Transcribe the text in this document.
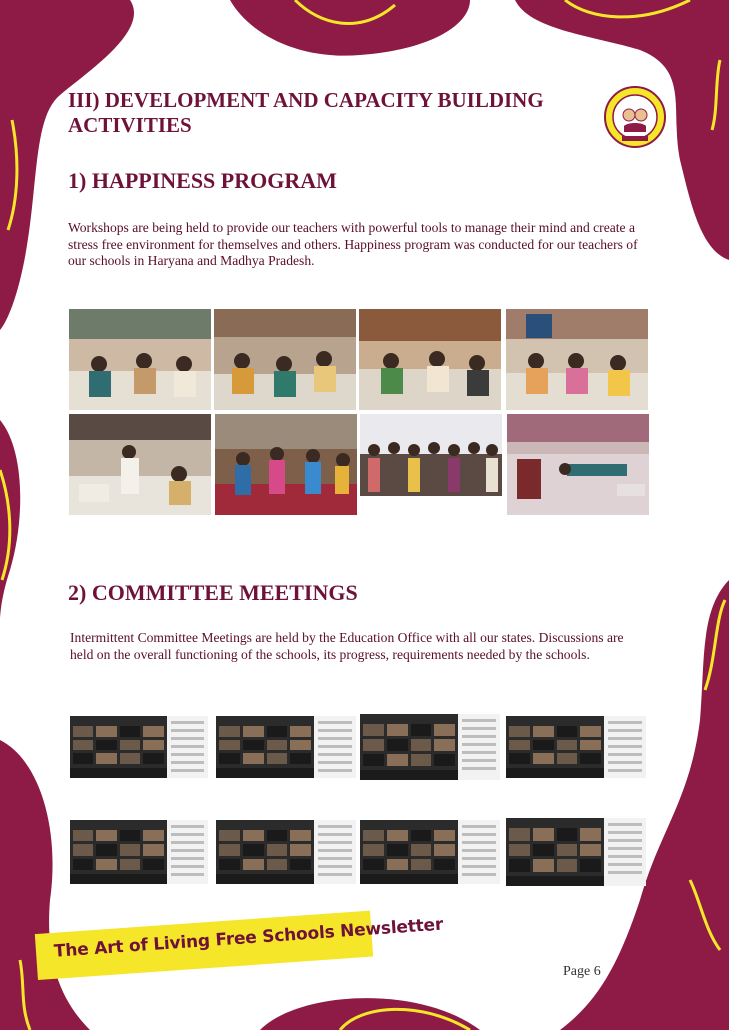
III) DEVELOPMENT AND CAPACITY BUILDING ACTIVITIES
1) HAPPINESS PROGRAM
Workshops are being held to provide our teachers with powerful tools to manage their mind and create a stress free environment for themselves and others. Happiness program was conducted for our teachers of our schools in Haryana and Madhya Pradesh.
2) COMMITTEE MEETINGS
Intermittent Committee Meetings are held by the Education Office with all our states. Discussions are held on the overall functioning of the schools, its progress, requirements needed by the schools.
The Art of Living Free Schools Newsletter
Page 6
